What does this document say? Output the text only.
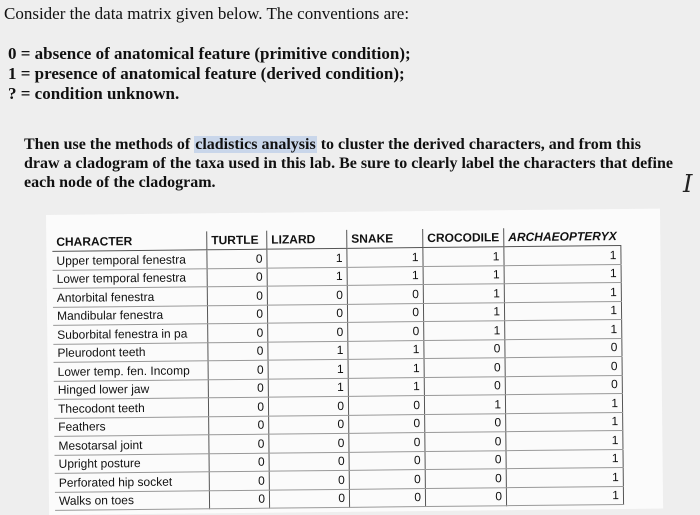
Consider the data matrix given below. The conventions are:

0 = absence of anatomical feature (primitive condition);
1 = presence of anatomical feature (derived condition);
? = condition unknown.
Then use the methods of cladistics analysis to cluster the derived characters, and from this draw a cladogram of the taxa used in this lab. Be sure to clearly label the characters that define each node of the cladogram.	I
CHARACTER	TURTLE	LIZARD	SNAKE	CROCODILE	ARCHAEOPTERYX
Upper temporal fenestra	0	1	1	1	1
Lower temporal fenestra	0	1	1	1	1
Antorbital fenestra	0	0	0	1	1
Mandibular fenestra	0	0	0	1	1
Suborbital fenestra in pa	0	0	0	1	1
Pleurodont teeth	0	1	1	0	0
Lower temp. fen. Incomp	0	1	1	0	0
Hinged lower jaw	0	1	1	0	0
Thecodont teeth	0	0	0	1	1
Feathers	0	0	0	0	1
Mesotarsal joint	0	0	0	0	1
Upright posture	0	0	0	0	1
Perforated hip socket	0	0	0	0	1
Walks on toes	0	0	0	0	1
